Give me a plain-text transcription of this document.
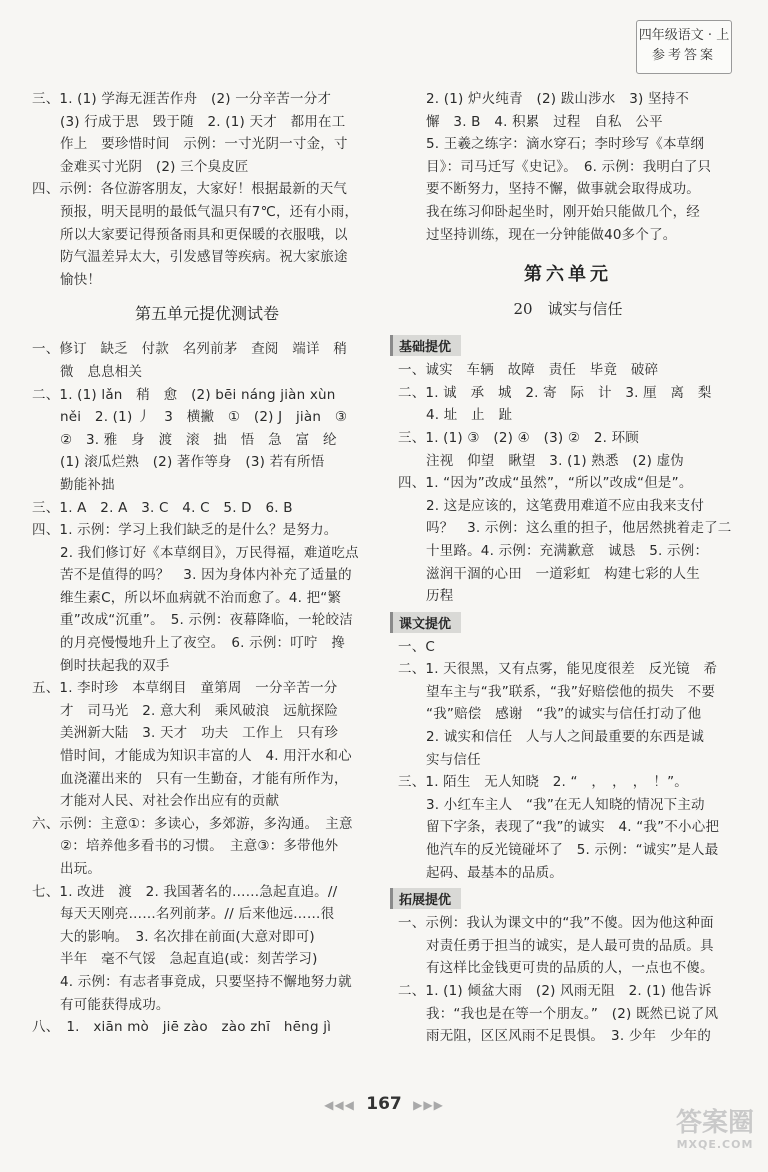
四年级语文 · 上
参考答案

三、1. (1) 学海无涯苦作舟　(2) 一分辛苦一分才

(3) 行成于思　毁于随　2. (1) 天才　都用在工

作上　要珍惜时间　示例：一寸光阴一寸金，寸

金难买寸光阴　(2) 三个臭皮匠

四、示例：各位游客朋友，大家好！根据最新的天气

预报，明天昆明的最低气温只有7℃，还有小雨，

所以大家要记得预备雨具和更保暖的衣服哦，以

防气温差异太大，引发感冒等疾病。祝大家旅途

愉快！

第五单元提优测试卷

一、修订　缺乏　付款　名列前茅　查阅　端详　稍

微　息息相关

二、1. (1) lǎn　稍　愈　(2) bēi náng jiàn xùn

něi　2. (1) 丿　3　横撇　①　(2) J　jiàn　③

②　3. 雅　身　渡　滚　拙　悟　急　富　纶

(1) 滚瓜烂熟　(2) 著作等身　(3) 若有所悟

勤能补拙

三、1. A　2. A　3. C　4. C　5. D　6. B

四、1. 示例：学习上我们缺乏的是什么？是努力。

2. 我们修订好《本草纲目》，万民得福，难道吃点

苦不是值得的吗？　3. 因为身体内补充了适量的

维生素C，所以坏血病就不治而愈了。4. 把“繁

重”改成“沉重”。　5. 示例：夜幕降临，一轮皎洁

的月亮慢慢地升上了夜空。　6. 示例：叮咛　搀

倒时扶起我的双手

五、1. 李时珍　本草纲目　童第周　一分辛苦一分

才　司马光　2. 意大利　乘风破浪　远航探险

美洲新大陆　3. 天才　功夫　工作上　只有珍

惜时间，才能成为知识丰富的人　4. 用汗水和心

血浇灌出来的　只有一生勤奋，才能有所作为，

才能对人民、对社会作出应有的贡献

六、示例：主意①：多读心，多郊游，多沟通。　主意

②：培养他多看书的习惯。　主意③：多带他外

出玩。

七、1. 改进　渡　2. 我国著名的……急起直追。//

每天天刚亮……名列前茅。// 后来他远……很

大的影响。　3. 名次排在前面(大意对即可)

半年　毫不气馁　急起直追(或：刻苦学习)

4. 示例：有志者事竟成，只要坚持不懈地努力就

有可能获得成功。

八、　1.　xiān mò　jiē zào　zào zhī　hēng jì

2. (1) 炉火纯青　(2) 跋山涉水　3) 坚持不

懈　3. B　4. 积累　过程　自私　公平

5. 王羲之练字：滴水穿石；李时珍写《本草纲

目》：司马迁写《史记》。　6. 示例：我明白了只

要不断努力，坚持不懈，做事就会取得成功。

我在练习仰卧起坐时，刚开始只能做几个，经

过坚持训练，现在一分钟能做40多个了。

第六单元
20　诚实与信任
基础提优

一、诚实　车辆　故障　责任　毕竟　破碎

二、1. 诚　承　城　2. 寄　际　计　3. 厘　离　梨

4. 址　止　趾

三、1. (1) ③　(2) ④　(3) ②　2. 环顾

注视　仰望　瞅望　3. (1) 熟悉　(2) 虚伪

四、1. “因为”改成“虽然”，“所以”改成“但是”。

2. 这是应该的，这笔费用难道不应由我来支付

吗？　3. 示例：这么重的担子，他居然挑着走了二

十里路。4. 示例：充满歉意　诚恳　5. 示例：

滋润干涸的心田　一道彩虹　构建七彩的人生

历程

课文提优

一、C

二、1. 天很黑，又有点雾，能见度很差　反光镜　希

望车主与“我”联系，“我”好赔偿他的损失　不要

“我”赔偿　感谢　“我”的诚实与信任打动了他

2. 诚实和信任　人与人之间最重要的东西是诚

实与信任

三、1. 陌生　无人知晓　2. “　，　，　，　！”。

3. 小红车主人　“我”在无人知晓的情况下主动

留下字条，表现了“我”的诚实　4. “我”不小心把

他汽车的反光镜碰坏了　5. 示例：“诚实”是人最

起码、最基本的品质。

拓展提优

一、示例：我认为课文中的“我”不傻。因为他这种面

对责任勇于担当的诚实，是人最可贵的品质。具

有这样比金钱更可贵的品质的人，一点也不傻。

二、1. (1) 倾盆大雨　(2) 风雨无阻　2. (1) 他告诉

我：“我也是在等一个朋友。”　(2) 既然已说了风

雨无阻，区区风雨不足畏惧。　3. 少年　少年的

◀◀◀ 167 ▶▶▶
答案圈
MXQE.COM
